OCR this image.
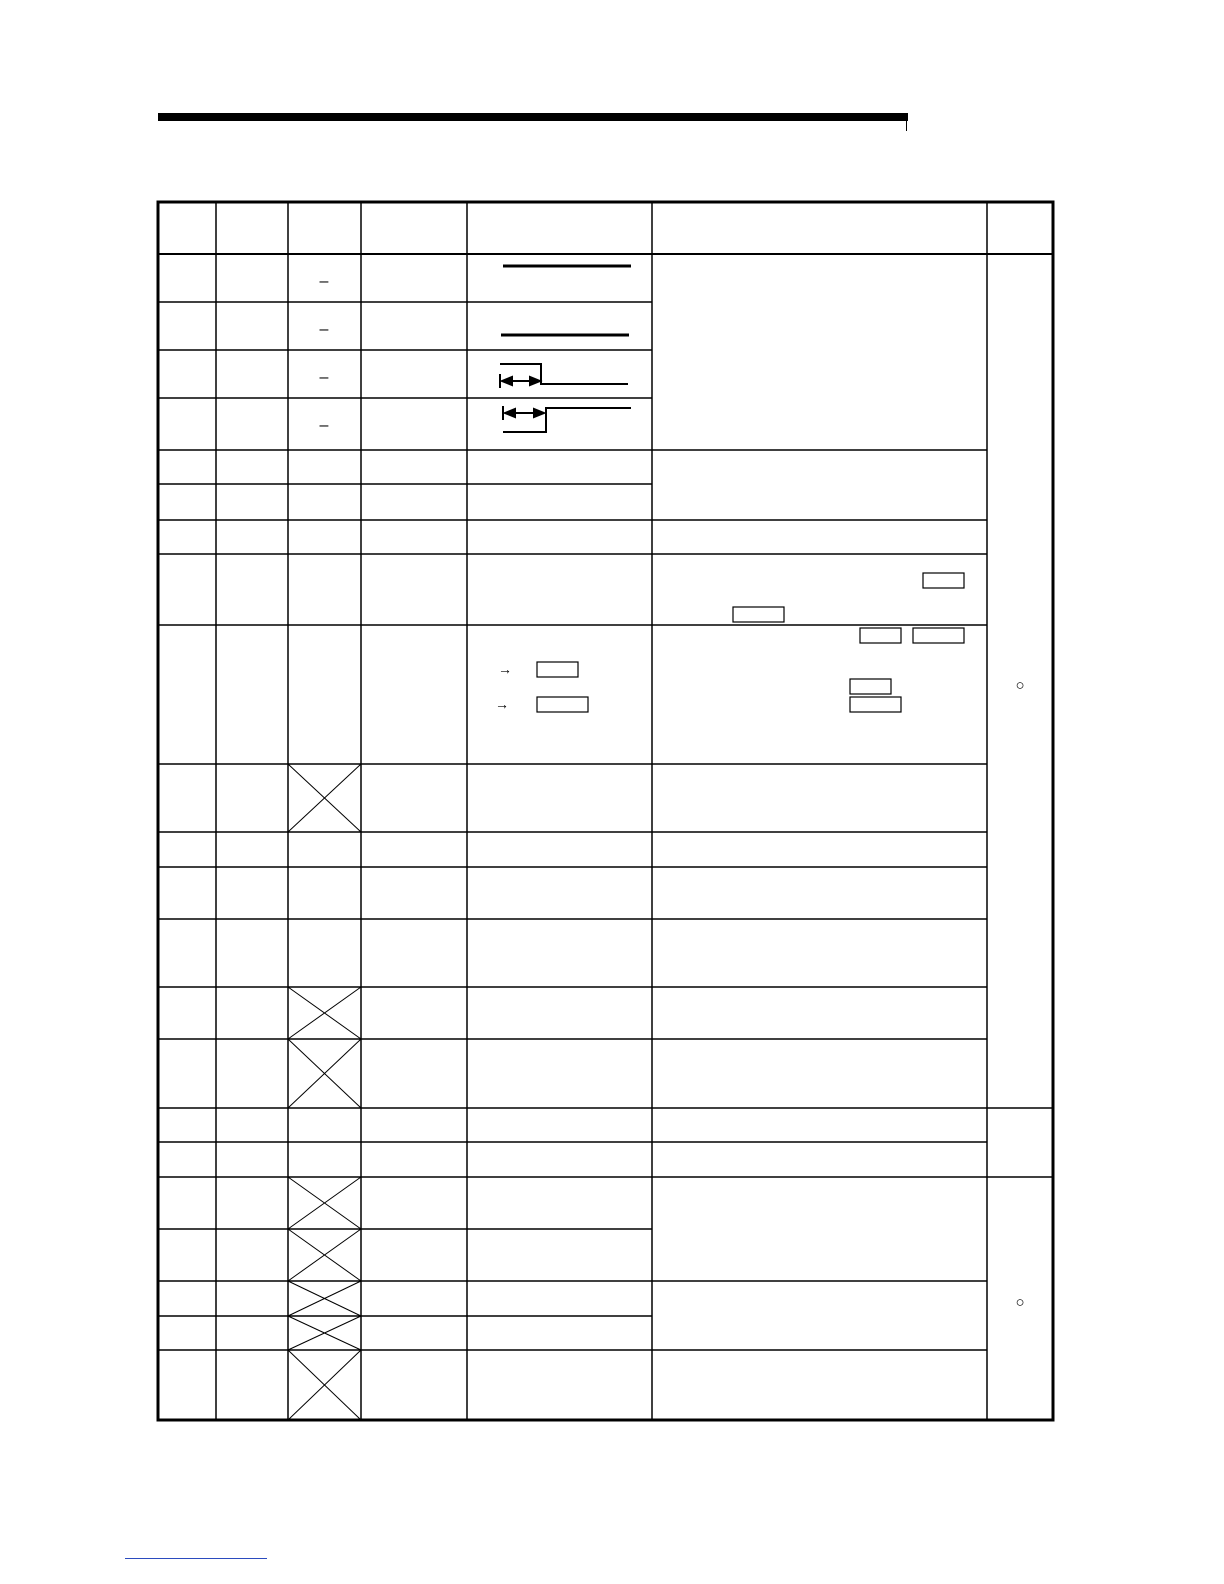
–
–
–
–
→
→
○
○
